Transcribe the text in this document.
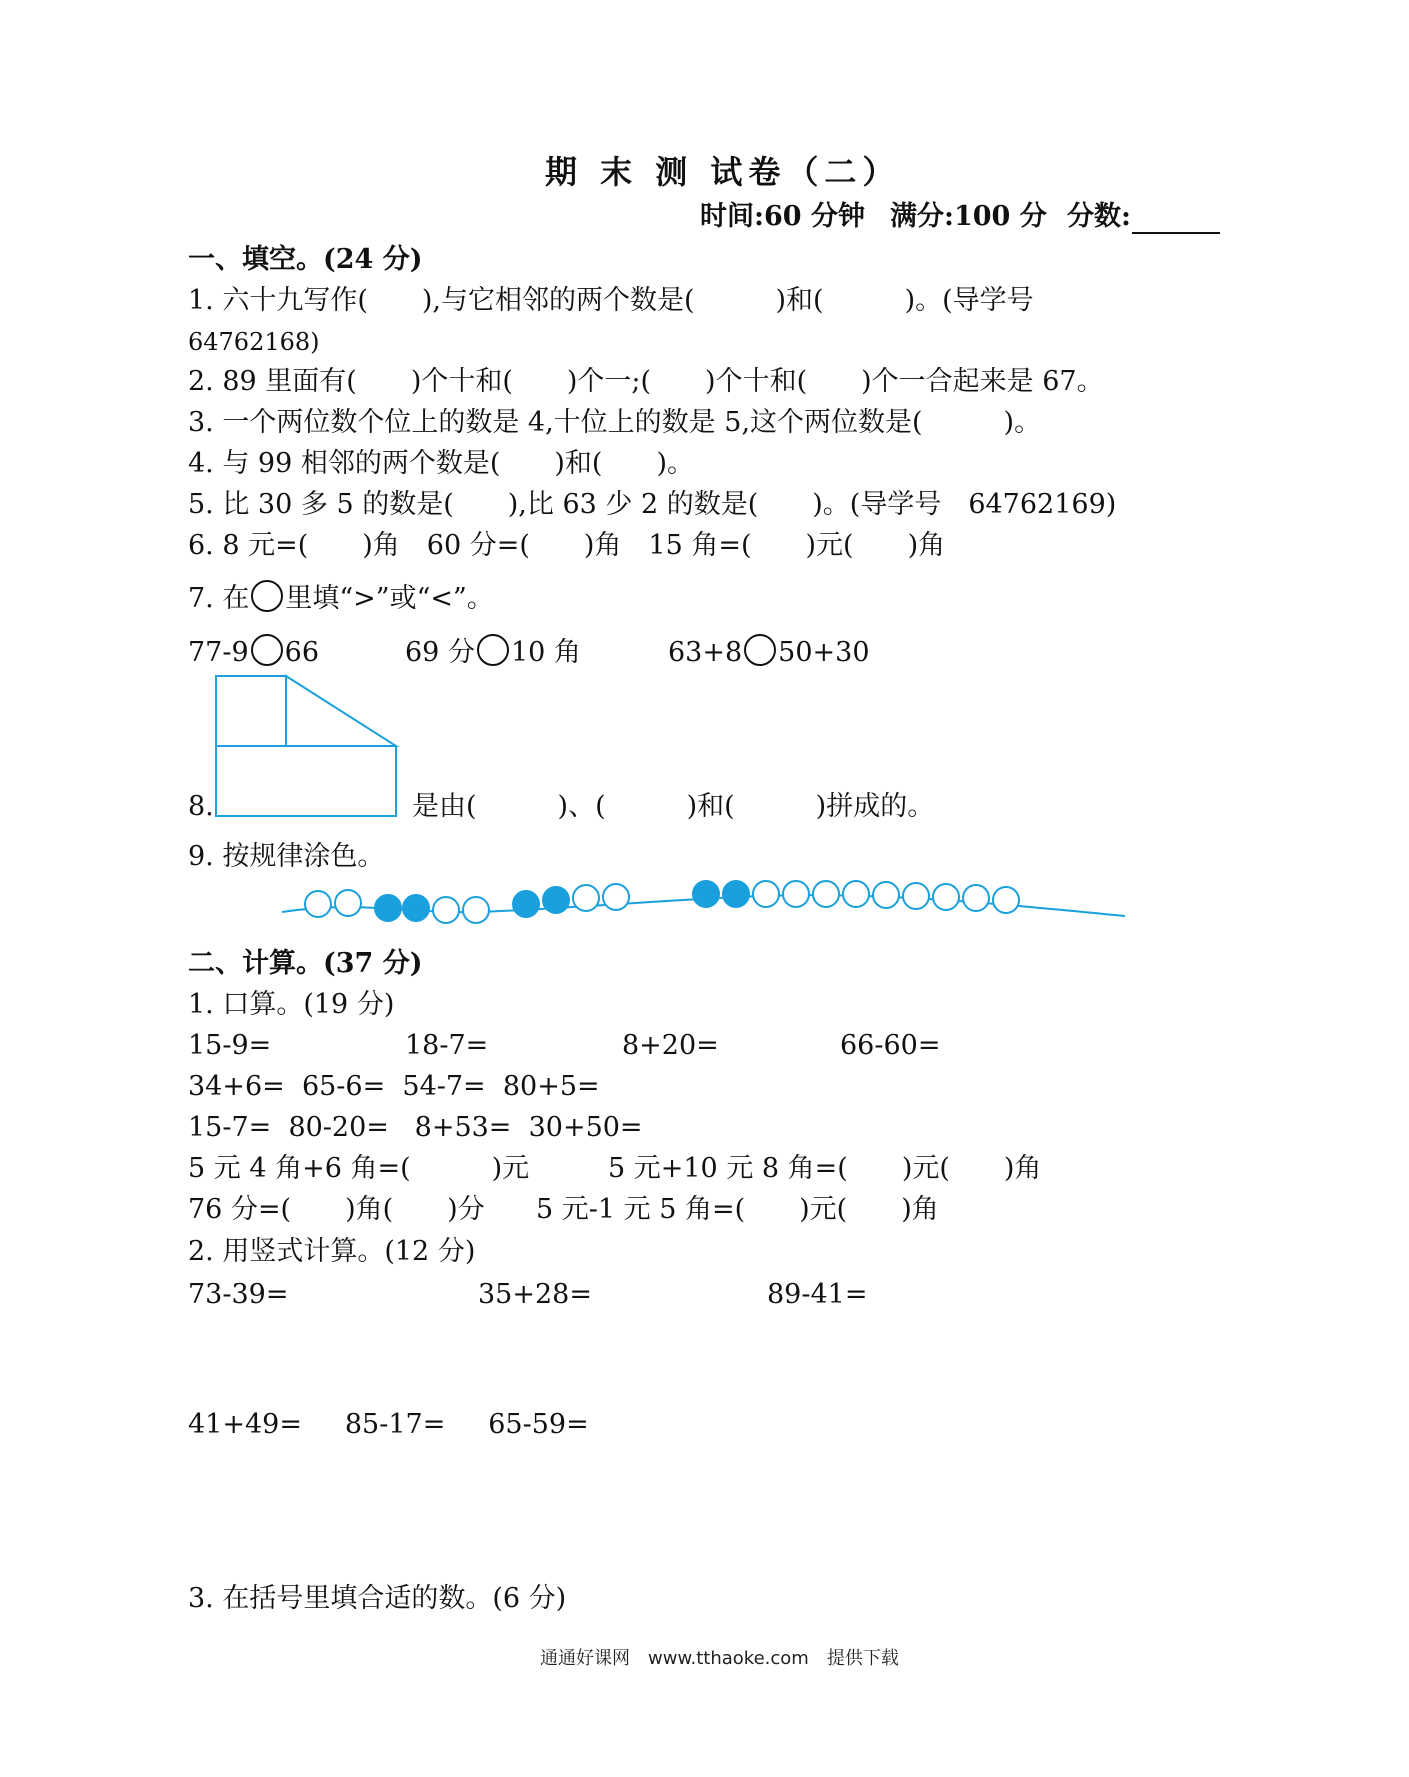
期 末 测 试卷（二）
时间:60 分钟 满分:100 分 分数:
一、填空。(24 分)
1. 六十九写作(　　),与它相邻的两个数是(　　　)和(　　　)。(导学号
64762168)
2. 89 里面有(　　)个十和(　　)个一;(　　)个十和(　　)个一合起来是 67。
3. 一个两位数个位上的数是 4,十位上的数是 5,这个两位数是(　　　)。
4. 与 99 相邻的两个数是(　　)和(　　)。
5. 比 30 多 5 的数是(　　),比 63 少 2 的数是(　　)。(导学号　64762169)
6. 8 元=(　　)角　60 分=(　　)角　15 角=(　　)元(　　)角
7. 在 里填“>”或“<”。
77-9 66	69 分 10 角	63+8 50+30
8.	是由(　　　)、(　　　)和(　　　)拼成的。
9. 按规律涂色。
二、计算。(37 分)
1. 口算。(19 分)
15-9=	18-7=	8+20=	66-60=
34+6=  65-6=  54-7=  80+5=
15-7=  80-20=   8+53=  30+50=
5 元 4 角+6 角=(　　　)元	5 元+10 元 8 角=(　　)元(　　)角
76 分=(　　)角(　　)分 5 元-1 元 5 角=(　　)元(　　)角
2. 用竖式计算。(12 分)
73-39=	35+28=	89-41=
41+49=     85-17=     65-59=
3. 在括号里填合适的数。(6 分)
通通好课网　www.tthaoke.com　提供下载
